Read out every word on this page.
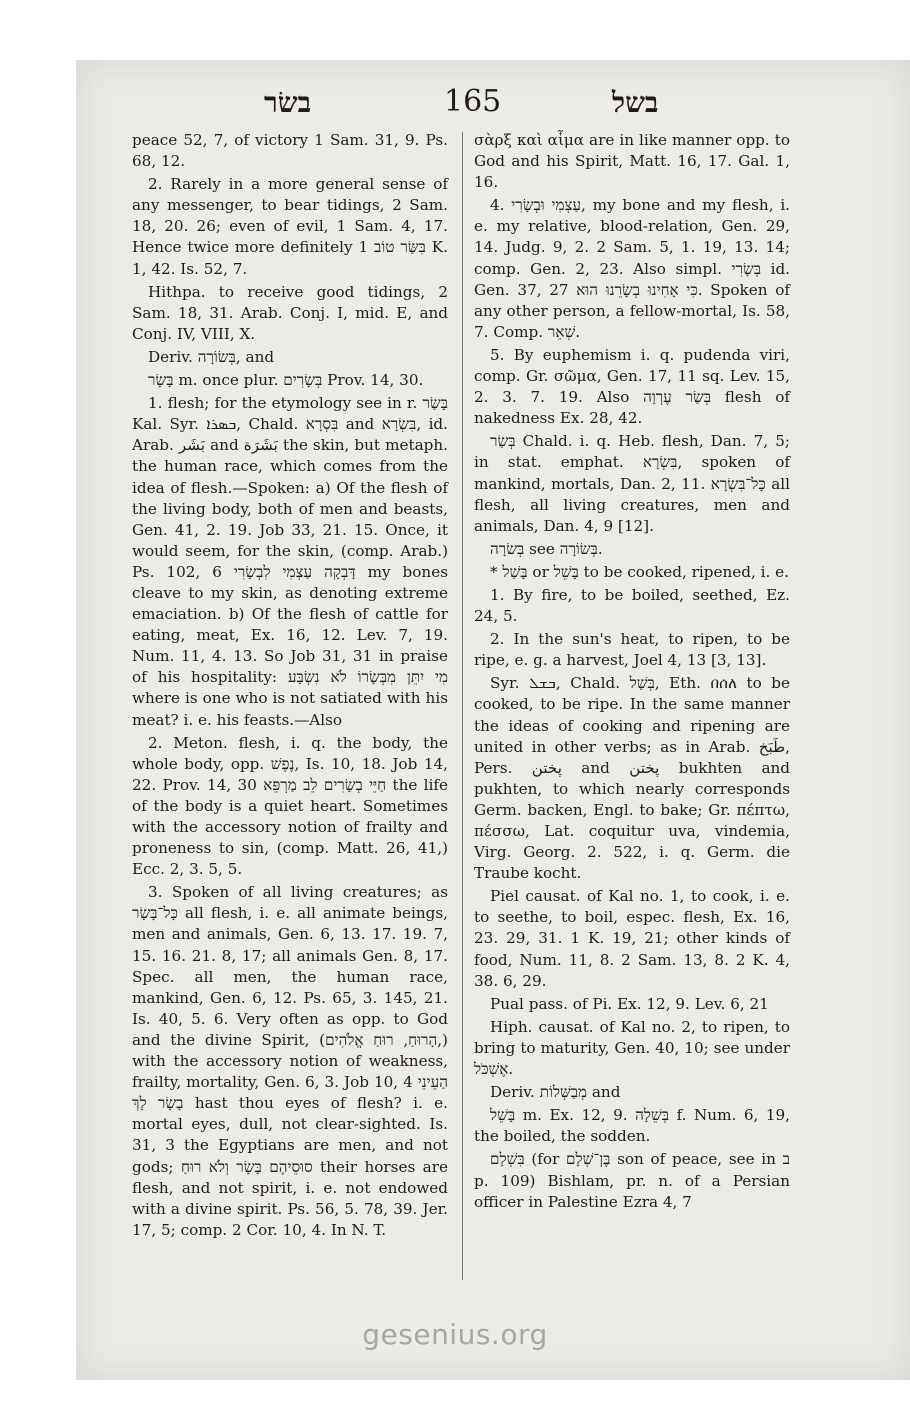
בשׂר	165	בשל

peace 52, 7, of victory 1 Sam. 31, 9. Ps. 68, 12.

2. Rarely in a more general sense of any messenger, to bear tidings, 2 Sam. 18, 20. 26; even of evil, 1 Sam. 4, 17. Hence twice more definitely בִּשַּׂר טוֹב 1 K. 1, 42. Is. 52, 7.

Hithpa. to receive good tidings, 2 Sam. 18, 31. Arab. Conj. I, mid. E, and Conj. IV, VIII, X.

Deriv. בְּשׂוֹרָה, and

בָּשָׂר m. once plur. בְּשָׂרִים Prov. 14, 30.

1. flesh; for the etymology see in r. בָּשַׂר Kal. Syr. ܒܣܪܐ, Chald. בִּסְרָא and בִּשְׂרָא, id. Arab. بَشَر and بَشَرَة the skin, but metaph. the human race, which comes from the idea of flesh.—Spoken: a) Of the flesh of the living body, both of men and beasts, Gen. 41, 2. 19. Job 33, 21. 15. Once, it would seem, for the skin, (comp. Arab.) Ps. 102, 6 דָּבְקָה עַצְמִי לִבְשָׂרִי my bones cleave to my skin, as denoting extreme emaciation. b) Of the flesh of cattle for eating, meat, Ex. 16, 12. Lev. 7, 19. Num. 11, 4. 13. So Job 31, 31 in praise of his hospitality: מִי יִתֵּן מִבְּשָׂרוֹ לֹא נִשְׂבָּע where is one who is not satiated with his meat? i. e. his feasts.—Also

2. Meton. flesh, i. q. the body, the whole body, opp. נֶפֶשׁ, Is. 10, 18. Job 14, 22. Prov. 14, 30 חַיֵּי בְשָׂרִים לֵב מַרְפֵּא the life of the body is a quiet heart. Sometimes with the accessory notion of frailty and proneness to sin, (comp. Matt. 26, 41,) Ecc. 2, 3. 5, 5.

3. Spoken of all living creatures; as כָּל־בָּשָׂר all flesh, i. e. all animate beings, men and animals, Gen. 6, 13. 17. 19. 7, 15. 16. 21. 8, 17; all animals Gen. 8, 17. Spec. all men, the human race, mankind, Gen. 6, 12. Ps. 65, 3. 145, 21. Is. 40, 5. 6. Very often as opp. to God and the divine Spirit, (הָרוּחַ, רוּחַ אֱלֹהִים,) with the accessory notion of weakness, frailty, mortality, Gen. 6, 3. Job 10, 4 הַעֵינֵי בָשָׂר לָךְ hast thou eyes of flesh? i. e. mortal eyes, dull, not clear-sighted. Is. 31, 3 the Egyptians are men, and not gods; סוּסֵיהֶם בָּשָׂר וְלֹא רוּחַ their horses are flesh, and not spirit, i. e. not endowed with a divine spirit. Ps. 56, 5. 78, 39. Jer. 17, 5; comp. 2 Cor. 10, 4. In N. T.

σὰρξ καὶ αἷμα are in like manner opp. to God and his Spirit, Matt. 16, 17. Gal. 1, 16.

4. עַצְמִי וּבְשָׂרִי, my bone and my flesh, i. e. my relative, blood-relation, Gen. 29, 14. Judg. 9, 2. 2 Sam. 5, 1. 19, 13. 14; comp. Gen. 2, 23. Also simpl. בְּשָׂרִי id. Gen. 37, 27 כִּי אָחִינוּ בְשָׂרֵנוּ הוּא. Spoken of any other person, a fellow-mortal, Is. 58, 7. Comp. שְׁאֵר.

5. By euphemism i. q. pudenda viri, comp. Gr. σῶμα, Gen. 17, 11 sq. Lev. 15, 2. 3. 7. 19. Also בְּשַׂר עֶרְוָה flesh of nakedness Ex. 28, 42.

בְּשַׂר Chald. i. q. Heb. flesh, Dan. 7, 5; in stat. emphat. בִּשְׂרָא, spoken of mankind, mortals, Dan. 2, 11. כָּל־בִּשְׂרָא all flesh, all living creatures, men and animals, Dan. 4, 9 [12].

בְּשׂרָה see בְּשׂוֹרָה.

* בָּשַׁל or בָּשֵׁל to be cooked, ripened, i. e.

1. By fire, to be boiled, seethed, Ez. 24, 5.

2. In the sun's heat, to ripen, to be ripe, e. g. a harvest, Joel 4, 13 [3, 13].

Syr. ܒܫܠ, Chald. בְּשַׁל, Eth. በሰለ to be cooked, to be ripe. In the same manner the ideas of cooking and ripening are united in other verbs; as in Arab. طَبَخ, Pers. پختن and پختن bukhten and pukhten, to which nearly corresponds Germ. backen, Engl. to bake; Gr. πέπτω, πέσσω, Lat. coquitur uva, vindemia, Virg. Georg. 2. 522, i. q. Germ. die Traube kocht.

Piel causat. of Kal no. 1, to cook, i. e. to seethe, to boil, espec. flesh, Ex. 16, 23. 29, 31. 1 K. 19, 21; other kinds of food, Num. 11, 8. 2 Sam. 13, 8. 2 K. 4, 38. 6, 29.

Pual pass. of Pi. Ex. 12, 9. Lev. 6, 21

Hiph. causat. of Kal no. 2, to ripen, to bring to maturity, Gen. 40, 10; see under אֶשְׁכֹּל.

Deriv. מְבַשְּׁלוֹת and

בָּשֵׁל m. Ex. 12, 9. בְּשֵׁלָה f. Num. 6, 19, the boiled, the sodden.

בִּשְׁלָם (for בֶּן־שְׁלָם son of peace, see in ב p. 109) Bishlam, pr. n. of a Persian officer in Palestine Ezra 4, 7

gesenius.org
